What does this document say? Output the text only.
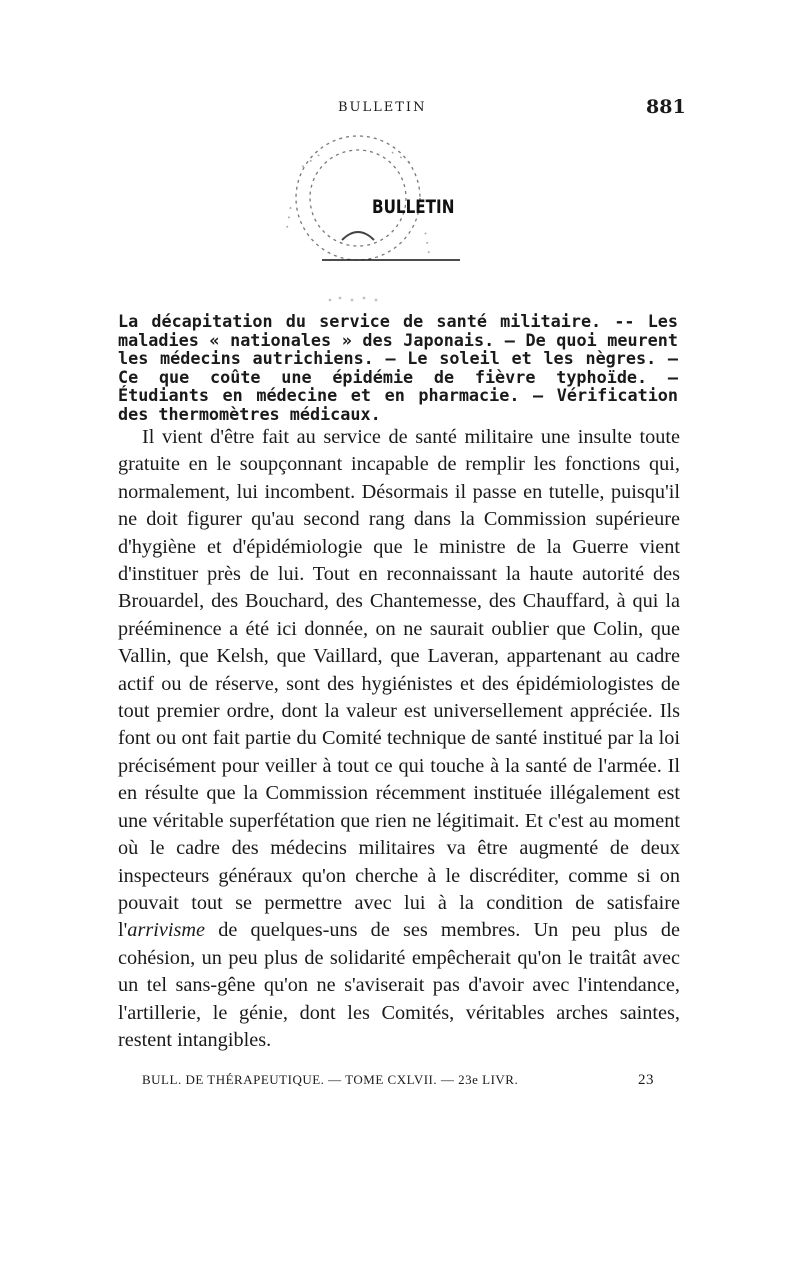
BULLETIN	881
· · ·	· · ·
· · ·
· · ·
BULLETIN
La décapitation du service de santé militaire. -- Les maladies « nationales » des Japonais. — De quoi meurent les médecins autrichiens. — Le soleil et les nègres. — Ce que coûte une épidémie de fièvre typhoïde. — Étudiants en médecine et en pharmacie. — Vérification des thermomètres médicaux.

Il vient d'être fait au service de santé militaire une insulte toute gratuite en le soupçonnant incapable de remplir les fonctions qui, normalement, lui incombent. Désormais il passe en tutelle, puisqu'il ne doit figurer qu'au second rang dans la Commission supérieure d'hygiène et d'épidémiologie que le ministre de la Guerre vient d'instituer près de lui. Tout en reconnaissant la haute autorité des Brouardel, des Bouchard, des Chantemesse, des Chauffard, à qui la prééminence a été ici donnée, on ne saurait oublier que Colin, que Vallin, que Kelsh, que Vaillard, que Laveran, appartenant au cadre actif ou de réserve, sont des hygiénistes et des épidémiologistes de tout premier ordre, dont la valeur est universellement appréciée. Ils font ou ont fait partie du Comité technique de santé institué par la loi précisément pour veiller à tout ce qui touche à la santé de l'armée. Il en résulte que la Commission récemment instituée illégalement est une véritable superfétation que rien ne légitimait. Et c'est au moment où le cadre des médecins militaires va être augmenté de deux inspecteurs généraux qu'on cherche à le discréditer, comme si on pouvait tout se permettre avec lui à la condition de satisfaire l'arrivisme de quelques-uns de ses membres. Un peu plus de cohésion, un peu plus de solidarité empêcherait qu'on le traitât avec un tel sans-gêne qu'on ne s'aviserait pas d'avoir avec l'intendance, l'artillerie, le génie, dont les Comités, véritables arches saintes, restent intangibles.

BULL. DE THÉRAPEUTIQUE. — TOME CXLVII. — 23e LIVR.	23
